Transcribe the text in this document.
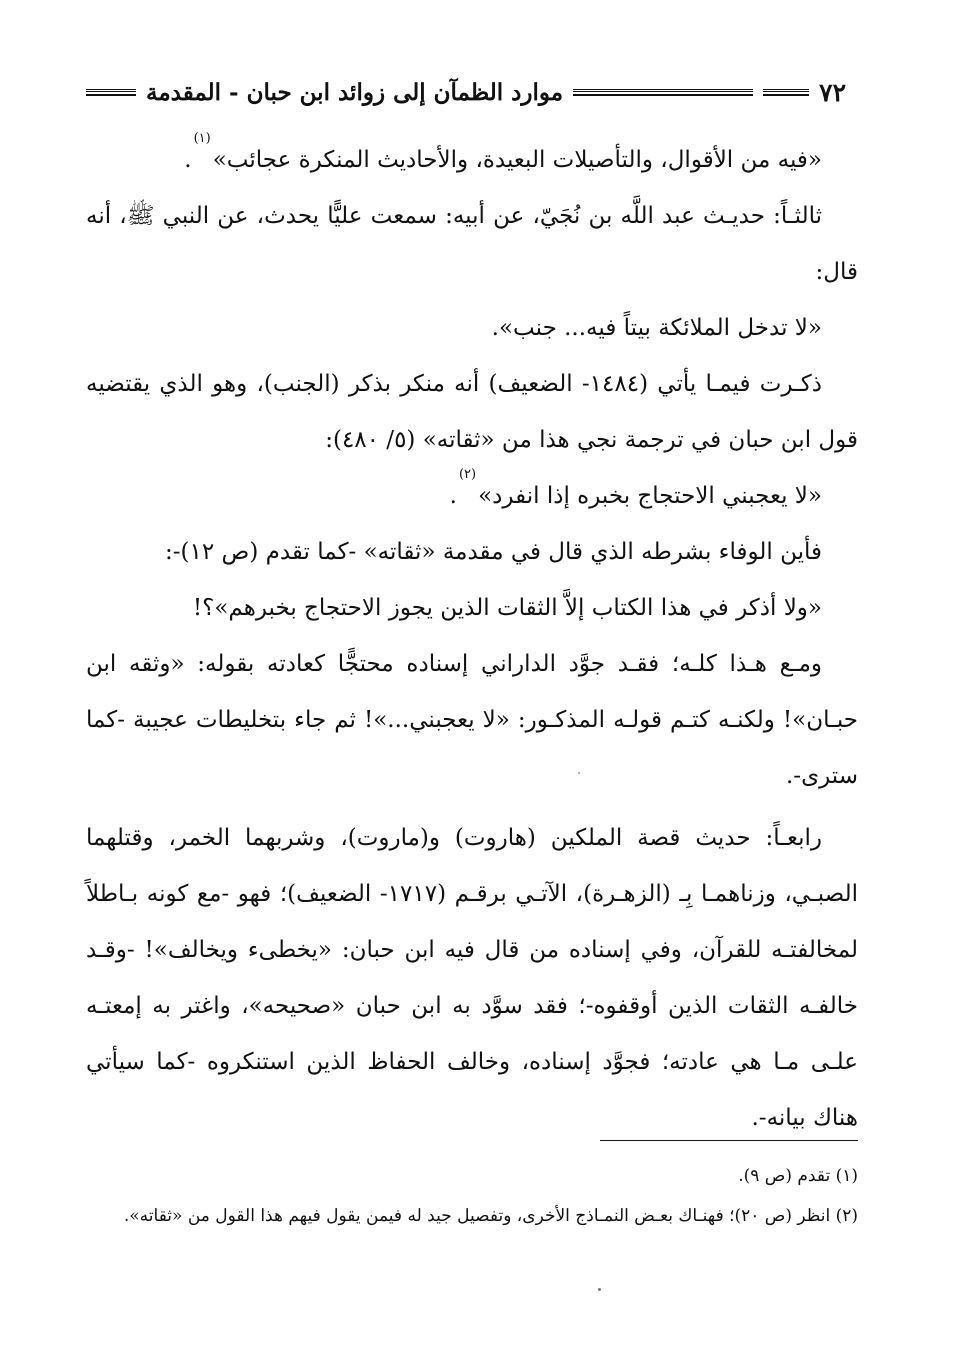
٧٢
موارد الظمآن إلى زوائد ابن حبان - المقدمة

«فيه من الأقوال، والتأصيلات البعيدة، والأحاديث المنكرة عجائب»$^{(١)}$.

ثالثـاً: حديـث عبد اللَّه بن نُجَيّ، عن أبيه: سمعت عليًّا يحدث، عن النبي ﷺ، أنه قال:

«لا تدخل الملائكة بيتاً فيه... جنب».

ذكـرت فيمـا يأتي (١٤٨٤- الضعيف) أنه منكر بذكر (الجنب)، وهو الذي يقتضيه قول ابن حبان في ترجمة نجي هذا من «ثقاته» (٥/ ٤٨٠):

«لا يعجبني الاحتجاج بخبره إذا انفرد»$^{(٢)}$.

فأين الوفاء بشرطه الذي قال في مقدمة «ثقاته» -كما تقدم (ص ١٢)-:

«ولا أذكر في هذا الكتاب إلاَّ الثقات الذين يجوز الاحتجاج بخبرهم»؟!

ومـع هـذا كلـه؛ فقـد جوَّد الداراني إسناده محتجًّا كعادته بقوله: «وثقه ابن حبـان»! ولكنـه كتـم قولـه المذكـور: «لا يعجبني...»! ثم جاء بتخليطات عجيبة -كما سترى-.

رابعـاً: حديث قصة الملكين (هاروت) و(ماروت)، وشربهما الخمر، وقتلهما الصبـي، وزناهمـا بِـ (الزهـرة)، الآتـي برقـم (١٧١٧- الضعيف)؛ فهو -مع كونه بـاطلاً لمخالفتـه للقرآن، وفي إسناده من قال فيه ابن حبان: «يخطىء ويخالف»! -وقـد خالفـه الثقات الذين أوقفوه-؛ فقد سوَّد به ابن حبان «صحيحه»، واغتر به إمعتـه علـى مـا هي عادته؛ فجوَّد إسناده، وخالف الحفاظ الذين استنكروه -كما سيأتي هناك بيانه-.

(١) تقدم (ص ٩).

(٢) انظر (ص ٢٠)؛ فهنـاك بعـض النمـاذج الأخرى، وتفصيل جيد له فيمن يقول فيهم هذا القول من «ثقاته».
